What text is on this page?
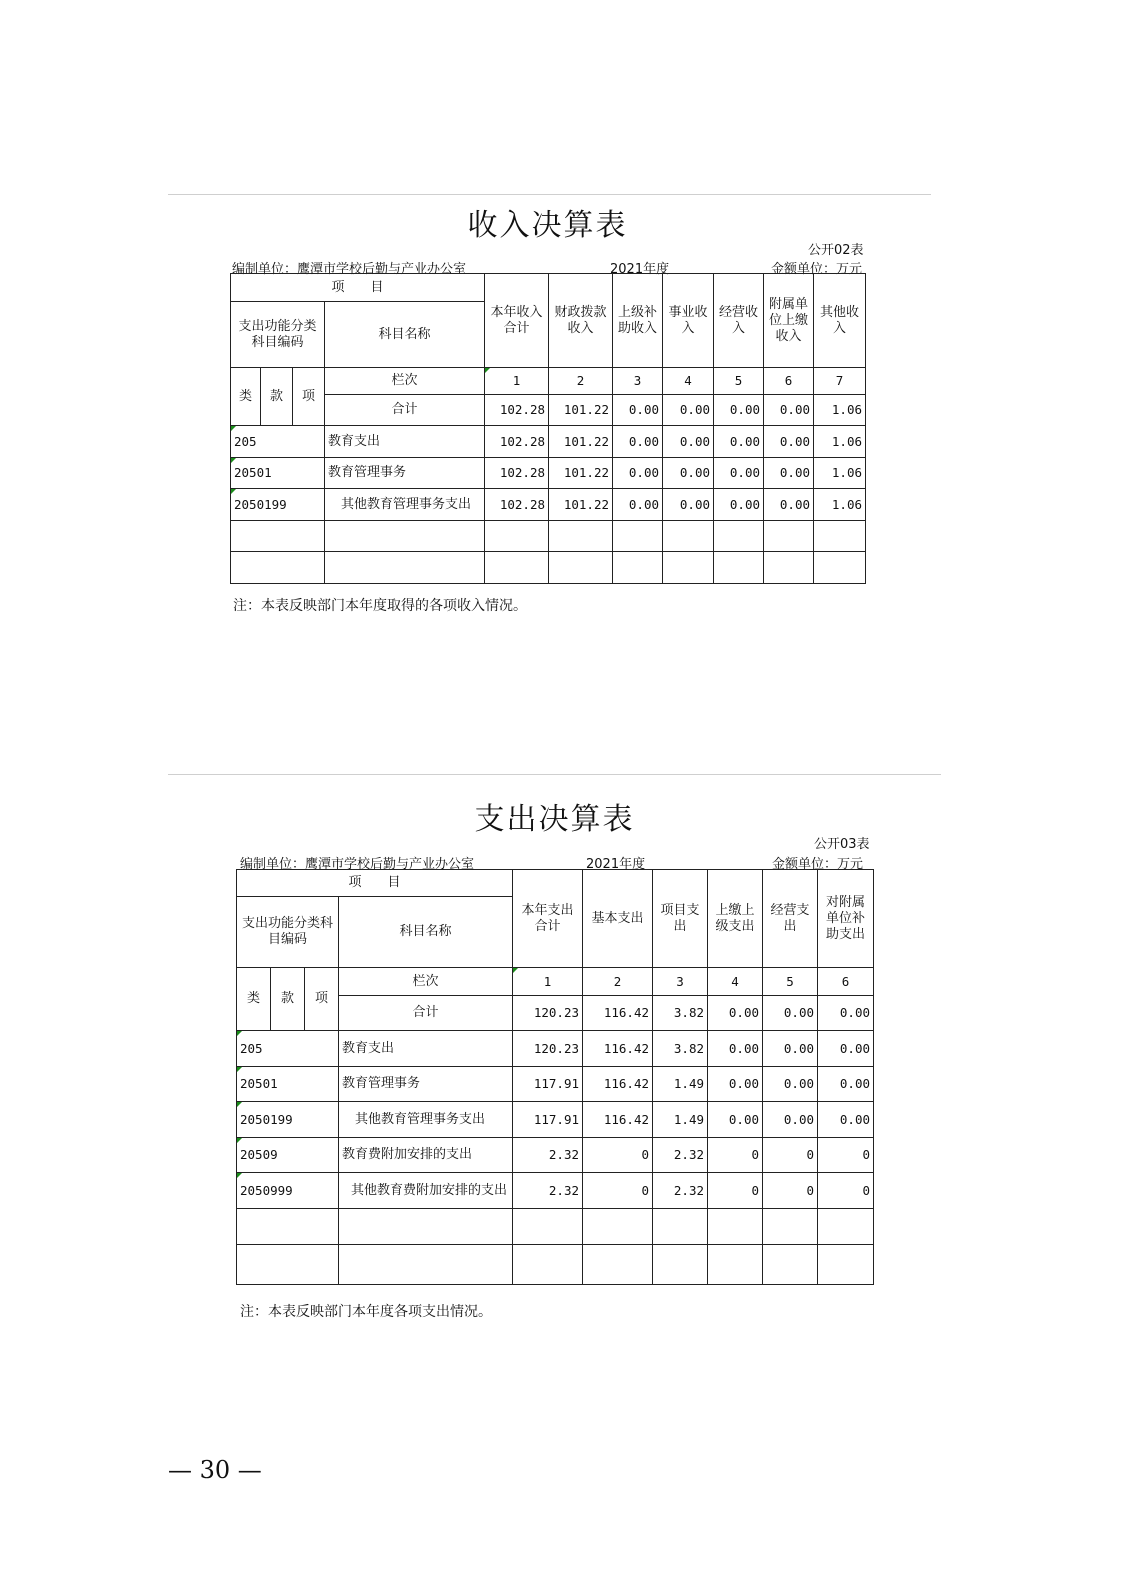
收入决算表
公开02表
编制单位：鹰潭市学校后勤与产业办公室	2021年度	金额单位：万元
项　　目				本年收入合计	财政拨款收入	上级补助收入	事业收入	经营收入	附属单位上缴收入	其他收入
支出功能分类科目编码			科目名称							

类	款	项	栏次	1	2	3	4	5	6	7
			合计	102.28	101.22	0.00	0.00	0.00	0.00	1.06
205			教育支出	102.28	101.22	0.00	0.00	0.00	0.00	1.06
20501			教育管理事务	102.28	101.22	0.00	0.00	0.00	0.00	1.06
2050199			其他教育管理事务支出	102.28	101.22	0.00	0.00	0.00	0.00	1.06

注：本表反映部门本年度取得的各项收入情况。
支出决算表
公开03表
编制单位：鹰潭市学校后勤与产业办公室	2021年度	金额单位：万元
项　　目				本年支出合计	基本支出	项目支出	上缴上级支出	经营支出	对附属单位补助支出
支出功能分类科目编码			科目名称						

类	款	项	栏次	1	2	3	4	5	6
			合计	120.23	116.42	3.82	0.00	0.00	0.00
205			教育支出	120.23	116.42	3.82	0.00	0.00	0.00
20501			教育管理事务	117.91	116.42	1.49	0.00	0.00	0.00
2050199			其他教育管理事务支出	117.91	116.42	1.49	0.00	0.00	0.00
20509			教育费附加安排的支出	2.32	0	2.32	0	0	0
2050999			其他教育费附加安排的支出	2.32	0	2.32	0	0	0

注：本表反映部门本年度各项支出情况。
— 30 —
